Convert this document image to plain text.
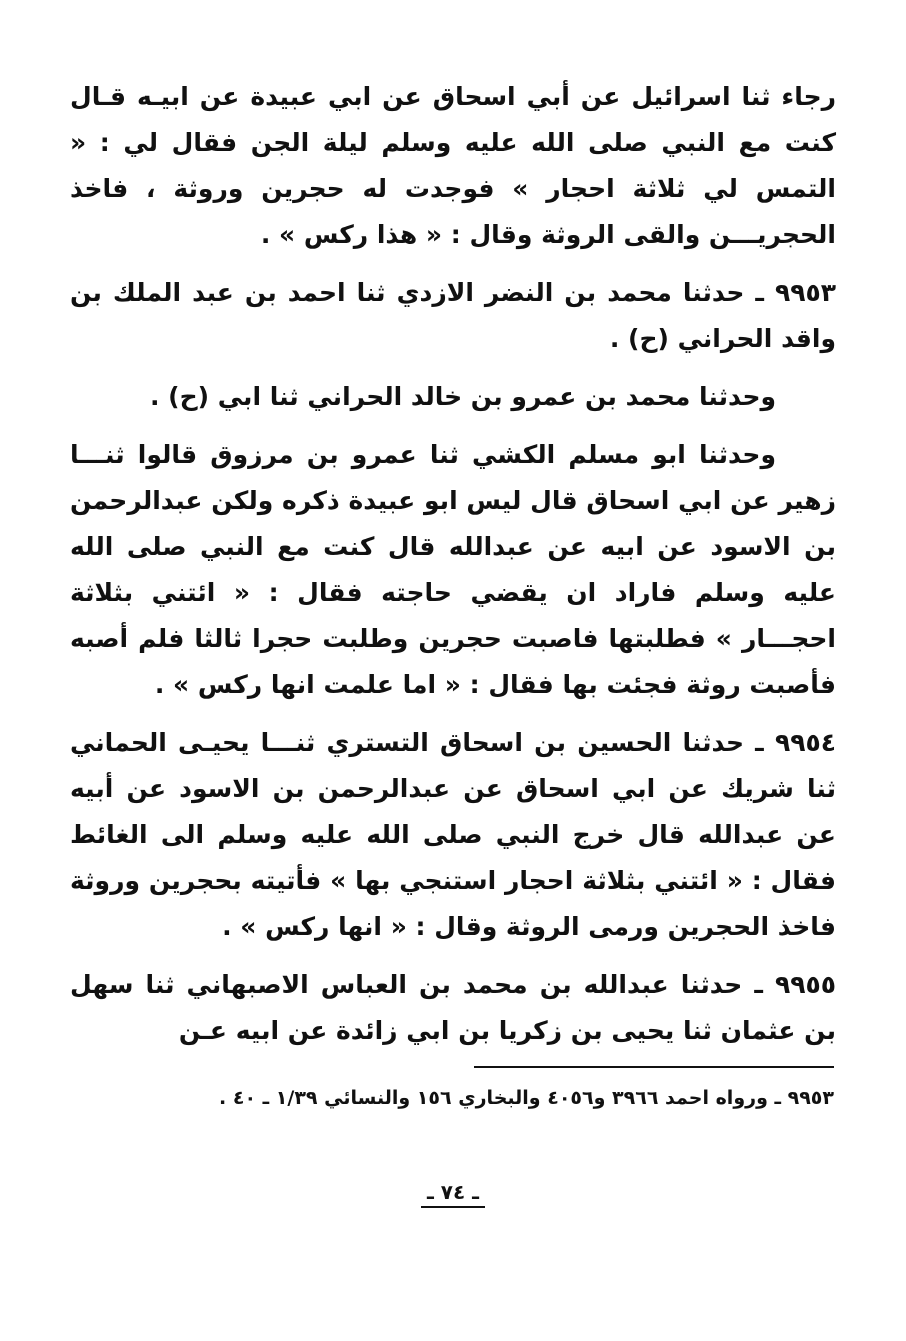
رجاء ثنا اسرائيل عن أبي اسحاق عن ابي عبيدة عن ابيـه قـال كنت مع النبي صلى الله عليه وسلم ليلة الجن فقال لي : « التمس لي ثلاثة احجار » فوجدت له حجرين وروثة ، فاخذ الحجريـــن والقى الروثة وقال : « هذا ركس » .

٩٩٥٣ ـ حدثنا محمد بن النضر الازدي ثنا احمد بن عبد الملك بن واقد الحراني (ح) .

وحدثنا محمد بن عمرو بن خالد الحراني ثنا ابي (ح) .

وحدثنا ابو مسلم الكشي ثنا عمرو بن مرزوق قالوا ثنـــا زهير عن ابي اسحاق قال ليس ابو عبيدة ذكره ولكن عبدالرحمن بن الاسود عن ابيه عن عبدالله قال كنت مع النبي صلى الله عليه وسلم فاراد ان يقضي حاجته فقال : « ائتني بثلاثة احجـــار » فطلبتها فاصبت حجرين وطلبت حجرا ثالثا فلم أصبه فأصبت روثة فجئت بها فقال : « اما علمت انها ركس » .

٩٩٥٤ ـ حدثنا الحسين بن اسحاق التستري ثنـــا يحيـى الحماني ثنا شريك عن ابي اسحاق عن عبدالرحمن بن الاسود عن أبيه عن عبدالله قال خرج النبي صلى الله عليه وسلم الى الغائط فقال : « ائتني بثلاثة احجار استنجي بها » فأتيته بحجرين وروثة فاخذ الحجرين ورمى الروثة وقال : « انها ركس » .

٩٩٥٥ ـ حدثنا عبدالله بن محمد بن العباس الاصبهاني ثنا سهل بن عثمان ثنا يحيى بن زكريا بن ابي زائدة عن ابيه عـن

٩٩٥٣ ـ ورواه احمد ٣٩٦٦ و٤٠٥٦ والبخاري ١٥٦ والنسائي ١/٣٩ ـ ٤٠ .
ـ ٧٤ ـ
